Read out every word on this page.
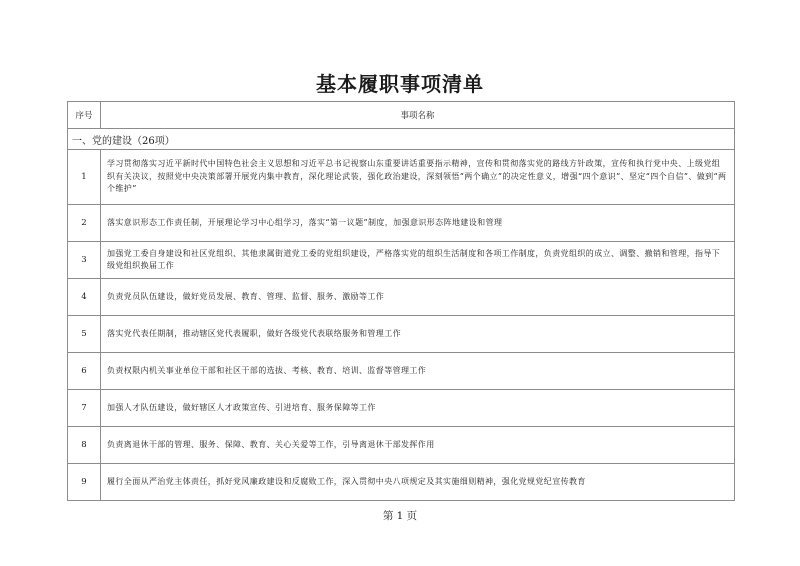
基本履职事项清单
序号	事项名称
一、党的建设（26项）	
1	学习贯彻落实习近平新时代中国特色社会主义思想和习近平总书记视察山东重要讲话重要指示精神，宣传和贯彻落实党的路线方针政策，宣传和执行党中央、上级党组织有关决议，按照党中央决策部署开展党内集中教育，深化理论武装，强化政治建设，深刻领悟“两个确立”的决定性意义，增强“四个意识”、坚定“四个自信”、做到“两个维护”
2	落实意识形态工作责任制，开展理论学习中心组学习，落实“第一议题”制度，加强意识形态阵地建设和管理
3	加强党工委自身建设和社区党组织、其他隶属街道党工委的党组织建设，严格落实党的组织生活制度和各项工作制度，负责党组织的成立、调整、撤销和管理，指导下级党组织换届工作
4	负责党员队伍建设，做好党员发展、教育、管理、监督、服务、激励等工作
5	落实党代表任期制，推动辖区党代表履职，做好各级党代表联络服务和管理工作
6	负责权限内机关事业单位干部和社区干部的选拔、考核、教育、培训、监督等管理工作
7	加强人才队伍建设，做好辖区人才政策宣传、引进培育、服务保障等工作
8	负责离退休干部的管理、服务、保障、教育、关心关爱等工作，引导离退休干部发挥作用
9	履行全面从严治党主体责任，抓好党风廉政建设和反腐败工作，深入贯彻中央八项规定及其实施细则精神，强化党规党纪宣传教育
第 1 页
